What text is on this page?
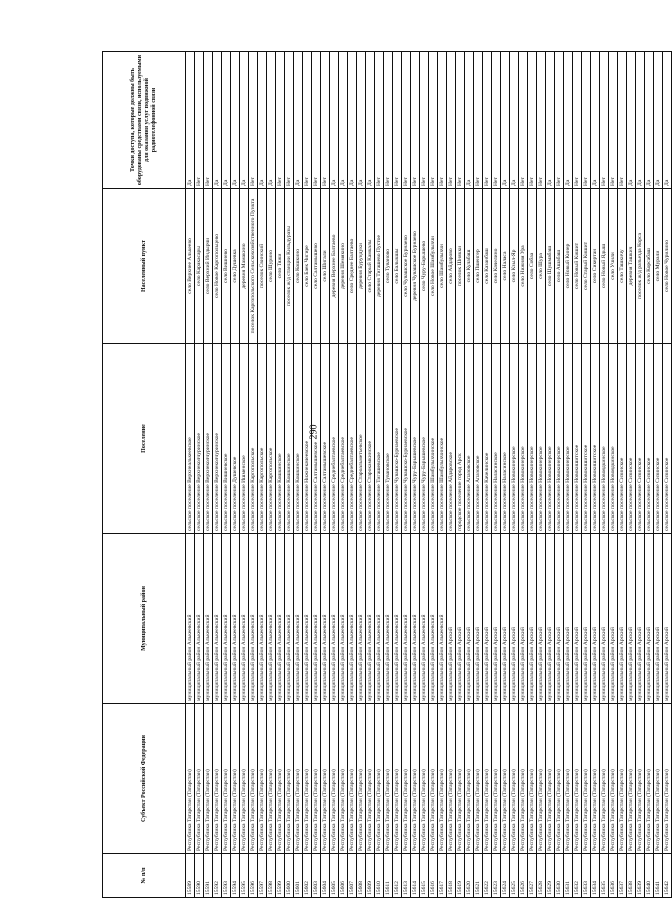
290
№ п/п	Субъект Российской Федерации	Муниципальный район	Поселение	Населенный пункт	Точки доступа, которые должны быть оборудованы средствами связи, используемыми для оказания услуг подвижной радиотелефонной связи
15589	Республика Татарстан (Татарстан)	муниципальный район Алькеевский	сельское поселение Верхнеалькеевское	село Верхнее Алькеево	Да
15590	Республика Татарстан (Татарстан)	муниципальный район Алькеевский	сельское поселение Верхнеколчуринское	село Каракасары	Нет
15591	Республика Татарстан (Татарстан)	муниципальный район Алькеевский	сельское поселение Верхнеколчуринское	село Верхний Индырчи	Нет
15592	Республика Татарстан (Татарстан)	муниципальный район Алькеевский	сельское поселение Верхнеколчуринское	село Новое Каргопольцево	Да
15593	Республика Татарстан (Татарстан)	муниципальный район Алькеевский	сельское поселение Вишневское	село Вишнево	Да
15594	Республика Татарстан (Татарстан)	муниципальный район Алькеевский	сельское поселение Душевское	село Душевка	Да
15595	Республика Татарстан (Татарстан)	муниципальный район Алькеевский	сельское поселение Ишменское	деревня Мамакино	Да
15596	Республика Татарстан (Татарстан)	муниципальный район Алькеевский	сельское поселение Каргопольское	поселок Каргопольского Сельскохозяйственного Пункта	Нет
15597	Республика Татарстан (Татарстан)	муниципальный район Алькеевский	сельское поселение Каргопольское	поселок Свинский	Да
15598	Республика Татарстан (Татарстан)	муниципальный район Алькеевский	сельское поселение Каргопольское	село Шурино	Да
15599	Республика Татарстан (Татарстан)	муниципальный район Алькеевский	сельское поселение Кошкинское	село Тяжи	Нет
15600	Республика Татарстан (Татарстан)	муниципальный район Алькеевский	сельское поселение Кошкинское	поселок ж/д станции Кильдуразы	Нет
15601	Республика Татарстан (Татарстан)	муниципальный район Алькеевский	сельское поселение Кошкинское	село Кошкино	Да
15602	Республика Татарстан (Татарстан)	муниципальный район Алькеевский	сельское поселение Нижнекачеевское	село Баек Чигире	Нет
15603	Республика Татарстан (Татарстан)	муниципальный район Алькеевский	сельское поселение Салтамышевское	село Салтамышево	Нет
15604	Республика Татарстан (Татарстан)	муниципальный район Алькеевский	сельское поселение Салтамышевское	село Шигали	Нет
15605	Республика Татарстан (Татарстан)	муниципальный район Алькеевский	сельское поселение Среднебалтаевское	деревня Верхнее Балтаево	Да
15606	Республика Татарстан (Татарстан)	муниципальный район Алькеевский	сельское поселение Среднебалтаевское	деревня Шемякино	Да
15607	Республика Татарстан (Татарстан)	муниципальный район Алькеевский	сельское поселение Среднебалтаевское	село Среднее Балтаево	Да
15608	Республика Татарстан (Татарстан)	муниципальный район Алькеевский	сельское поселение Староальметьевское	деревня Бурундуки	Да
15609	Республика Татарстан (Татарстан)	муниципальный район Алькеевский	сельское поселение Старокамкинское	село Старый Камкалы	Да
15610	Республика Татарстан (Татарстан)	муниципальный район Алькеевский	сельское поселение Тигашевское	деревня Тигашево Пустое	Нет
15611	Республика Татарстан (Татарстан)	муниципальный район Алькеевский	сельское поселение Тувановское	село Туваново	Нет
15612	Республика Татарстан (Татарстан)	муниципальный район Алькеевский	сельское поселение Чувашско-Бурнаевское	село Балыкшы	Нет
15613	Республика Татарстан (Татарстан)	муниципальный район Алькеевский	сельское поселение Чувашско-Бурнаевское	село Чувашское Бурнаево	Нет
15614	Республика Татарстан (Татарстан)	муниципальный район Алькеевский	сельское поселение Чуру-Барышевское	деревня Чувашское Бурнаево	Нет
15615	Республика Татарстан (Татарстан)	муниципальный район Алькеевский	сельское поселение Чуру-Барышевское	село Чуру-Барышево	Нет
15616	Республика Татарстан (Татарстан)	муниципальный район Алькеевский	сельское поселение Шамбулыхчинское	село Новое Шамбулыхчи	Нет
15617	Республика Татарстан (Татарстан)	муниципальный район Алькеевский	сельское поселение Шамбулыхчинское	село Шамбулыхчи	Нет
15618	Республика Татарстан (Татарстан)	муниципальный район Арский	сельское поселение Айдаровское	село Айдарово	Нет
15619	Республика Татарстан (Татарстан)	муниципальный район Арский	городское поселение город Арск	поселок Шнякки	Нет
15620	Республика Татарстан (Татарстан)	муниципальный район Арский	сельское поселение Апазовское	село Кулабаш	Да
15621	Республика Татарстан (Татарстан)	муниципальный район Арский	сельское поселение Апазовское	село Пшенгер	Нет
15622	Республика Татарстан (Татарстан)	муниципальный район Арский	сельское поселение Качелинское	село Казанбаш	Нет
15623	Республика Татарстан (Татарстан)	муниципальный район Арский	сельское поселение Наласинское	село Качелино	Нет
15624	Республика Татарстан (Татарстан)	муниципальный район Арский	сельское поселение Наласинское	село Наласа	Да
15625	Республика Татарстан (Татарстан)	муниципальный район Арский	сельское поселение Новокинерское	село Кзыл-Яр	Да
15626	Республика Татарстан (Татарстан)	муниципальный район Арский	сельское поселение Новокинерское	село Нижняя Ура	Нет
15627	Республика Татарстан (Татарстан)	муниципальный район Арский	сельское поселение Новокинерское	село Собаа	Нет
15628	Республика Татарстан (Татарстан)	муниципальный район Арский	сельское поселение Новокинерское	село Шура	Нет
15629	Республика Татарстан (Татарстан)	муниципальный район Арский	сельское поселение Новокинерское	село Шушмабаш	Да
15630	Республика Татарстан (Татарстан)	муниципальный район Арский	сельское поселение Новокинерское	село Ашабаш	Нет
15631	Республика Татарстан (Татарстан)	муниципальный район Арский	сельское поселение Новокинерское	село Новый Кинер	Да
15632	Республика Татарстан (Татарстан)	муниципальный район Арский	сельское поселение Новокишитское	село Новый Кишит	Нет
15633	Республика Татарстан (Татарстан)	муниципальный район Арский	сельское поселение Новокишитское	село Старый Кишит	Нет
15634	Республика Татарстан (Татарстан)	муниципальный район Арский	сельское поселение Новокишитское	село Сикертан	Да
15635	Республика Татарстан (Татарстан)	муниципальный район Арский	сельское поселение Новоядкинское	село Новый Ядыш	Нет
15636	Республика Татарстан (Татарстан)	муниципальный район Арский	сельское поселение Новоядкинское	село Учили	Нет
15637	Республика Татарстан (Татарстан)	муниципальный район Арский	сельское поселение Сизинское	село Ташкичу	Нет
15638	Республика Татарстан (Татарстан)	муниципальный район Арский	сельское поселение Сизинское	деревня Ташкич	Да
15639	Республика Татарстан (Татарстан)	муниципальный район Арский	сельское поселение Сизинское	поселок ж/д разъезда Корса	Да
15640	Республика Татарстан (Татарстан)	муниципальный район Арский	сельское поселение Сизинское	село Корсабаш	Да
15641	Республика Татарстан (Татарстан)	муниципальный район Арский	сельское поселение Сизинское	село Мурали	Да
15642	Республика Татарстан (Татарстан)	муниципальный район Арский	сельское поселение Сизинское	село Новое Чурилино	Да
